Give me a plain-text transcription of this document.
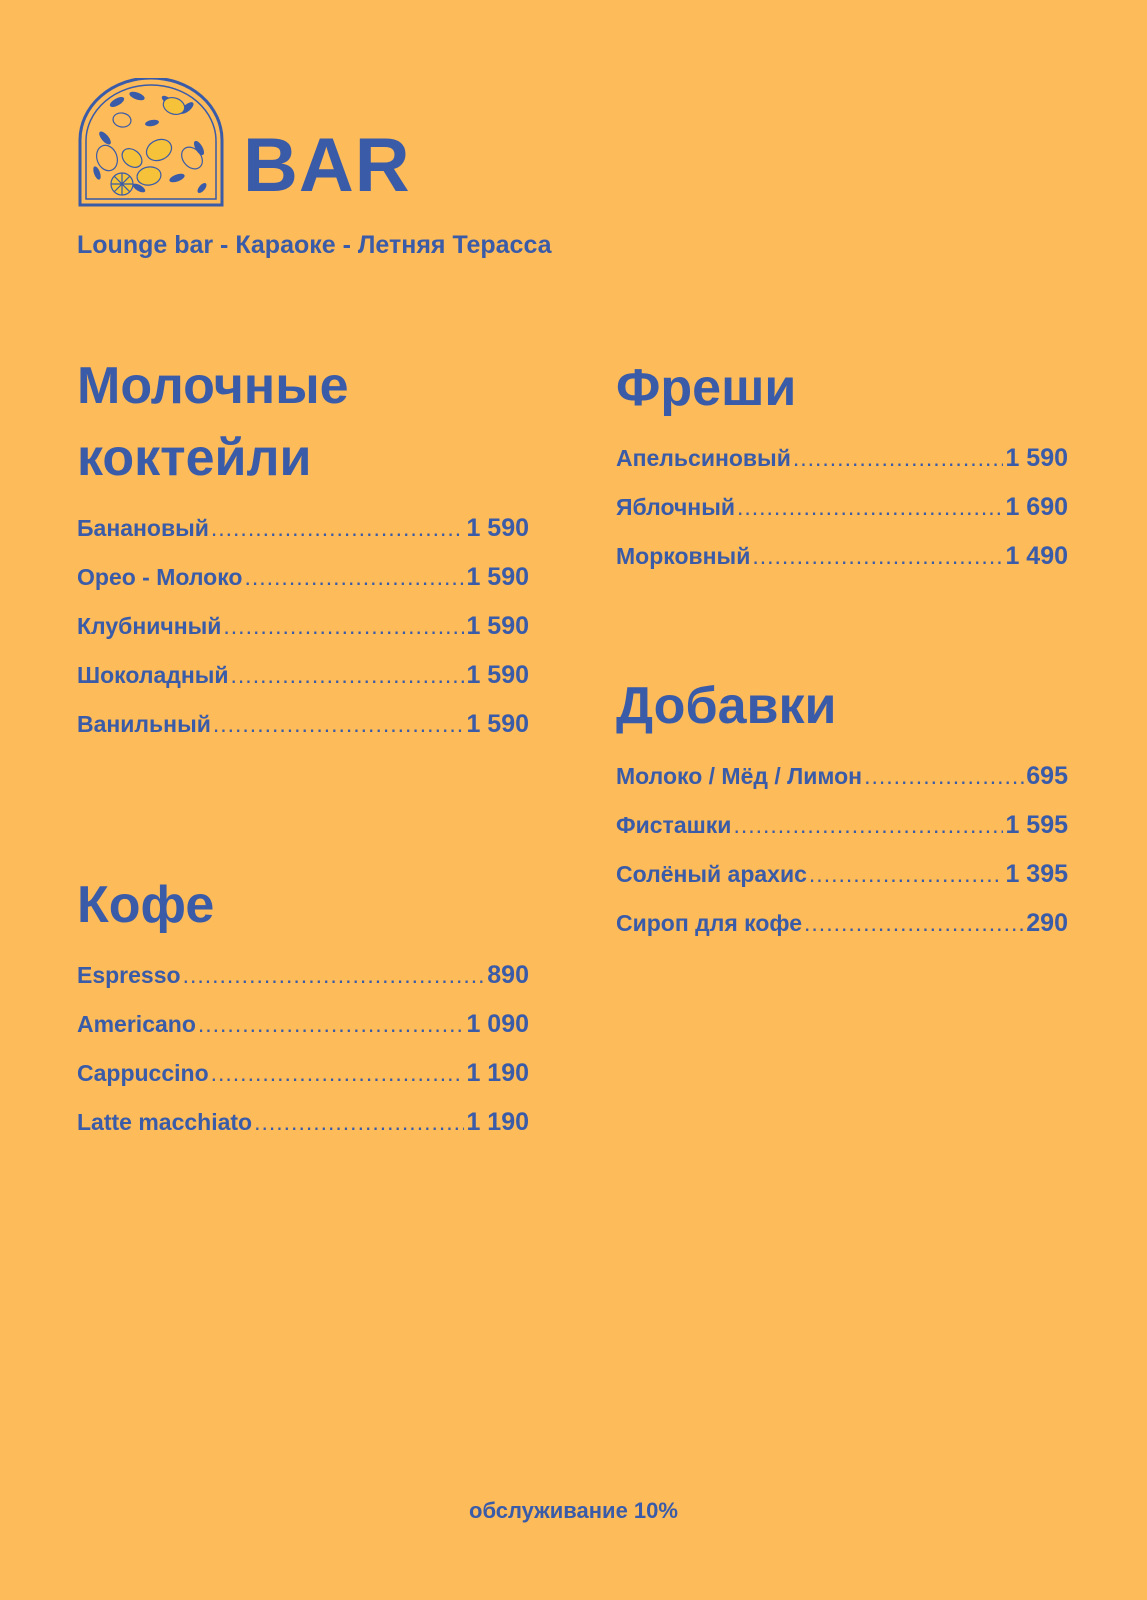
BAR
Lounge bar - Караоке - Летняя Терасса
Молочные
коктейли
Банановый .....	1 590
Орео - Молоко .....	1 590
Клубничный .....	1 590
Шоколадный .....	1 590
Ванильный .....	1 590
Кофе
Espresso .....	890
Americano .....	1 090
Cappuccino .....	1 190
Latte macchiato .....	1 190
Фреши
Апельсиновый .....	1 590
Яблочный .....	1 690
Морковный .....	1 490
Добавки
Молоко / Мёд / Лимон .....	695
Фисташки .....	1 595
Солёный арахис .....	1 395
Сироп для кофе .....	290
обслуживание 10%
